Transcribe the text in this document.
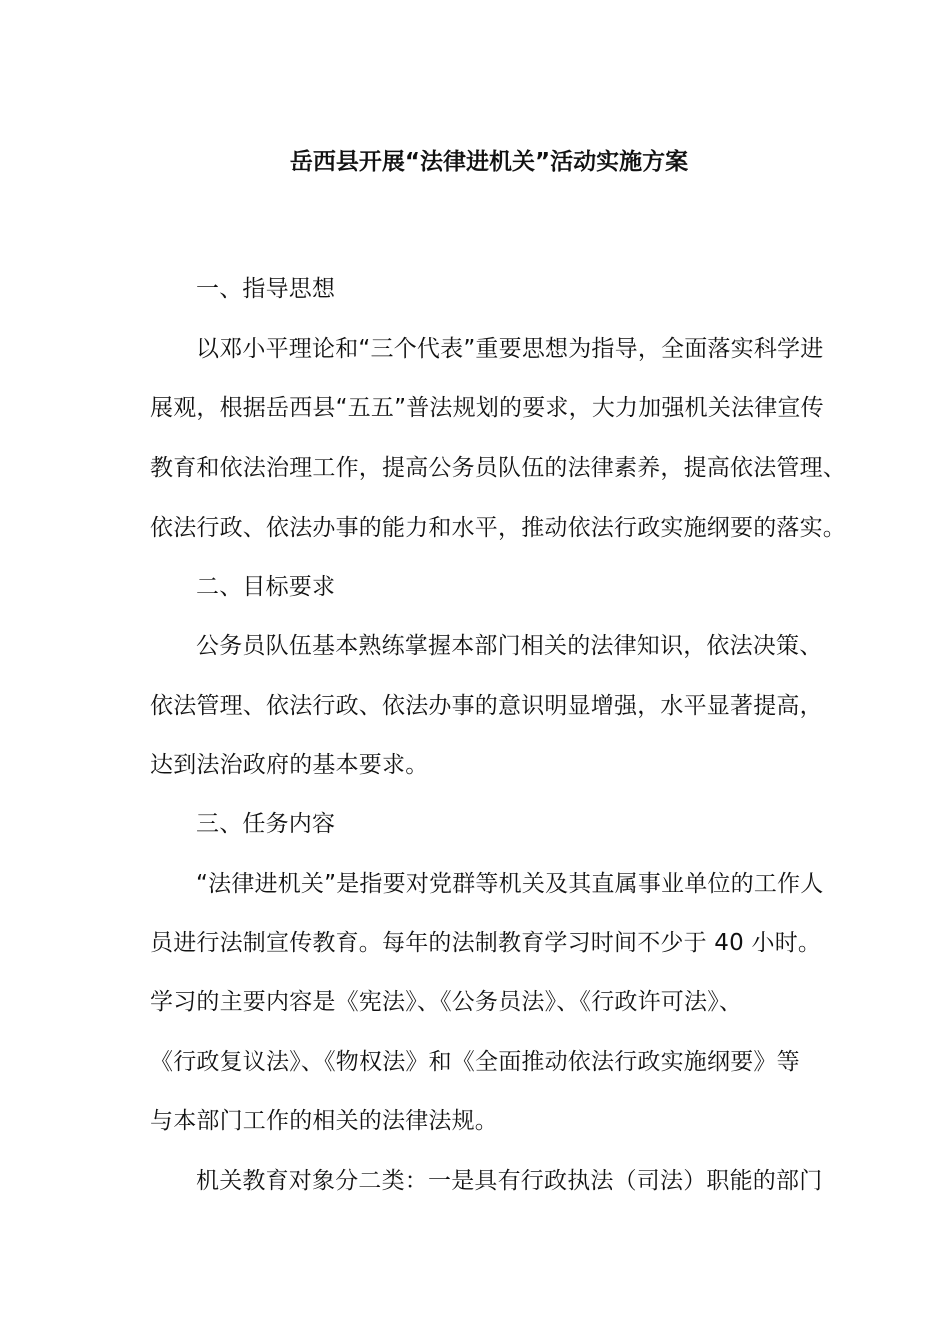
岳西县开展“法律进机关”活动实施方案
一、指导思想
以邓小平理论和“三个代表”重要思想为指导，全面落实科学进
展观，根据岳西县“五五”普法规划的要求，大力加强机关法律宣传
教育和依法治理工作，提高公务员队伍的法律素养，提高依法管理、
依法行政、依法办事的能力和水平，推动依法行政实施纲要的落实。
二、目标要求
公务员队伍基本熟练掌握本部门相关的法律知识，依法决策、
依法管理、依法行政、依法办事的意识明显增强，水平显著提高，
达到法治政府的基本要求。
三、任务内容
“法律进机关”是指要对党群等机关及其直属事业单位的工作人
员进行法制宣传教育。每年的法制教育学习时间不少于 40 小时。
学习的主要内容是《宪法》、《公务员法》、《行政许可法》、
《行政复议法》、《物权法》和《全面推动依法行政实施纲要》等
与本部门工作的相关的法律法规。
机关教育对象分二类：一是具有行政执法（司法）职能的部门
